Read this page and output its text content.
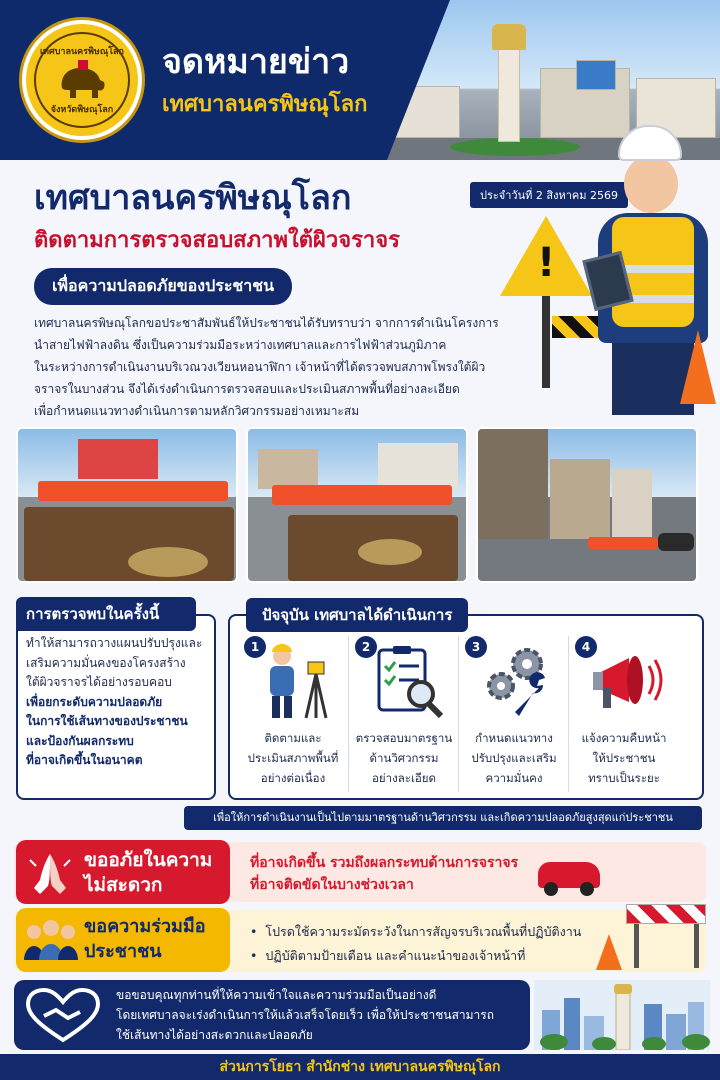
เทศบาลนครพิษณุโลก
จังหวัดพิษณุโลก
จดหมายข่าว
เทศบาลนครพิษณุโลก
เทศบาลนครพิษณุโลก	ประจำวันที่ 2 สิงหาคม 2569
ติดตามการตรวจสอบสภาพใต้ผิวจราจร
เพื่อความปลอดภัยของประชาชน
เทศบาลนครพิษณุโลกขอประชาสัมพันธ์ให้ประชาชนได้รับทราบว่า จากการดำเนินโครงการ
นำสายไฟฟ้าลงดิน ซึ่งเป็นความร่วมมือระหว่างเทศบาลและการไฟฟ้าส่วนภูมิภาค
ในระหว่างการดำเนินงานบริเวณวงเวียนหอนาฬิกา เจ้าหน้าที่ได้ตรวจพบสภาพโพรงใต้ผิว
จราจรในบางส่วน จึงได้เร่งดำเนินการตรวจสอบและประเมินสภาพพื้นที่อย่างละเอียด
เพื่อกำหนดแนวทางดำเนินการตามหลักวิศวกรรมอย่างเหมาะสม
!
การตรวจพบในครั้งนี้
ทำให้สามารถวางแผนปรับปรุงและ
เสริมความมั่นคงของโครงสร้าง
ใต้ผิวจราจรได้อย่างรอบคอบ
เพื่อยกระดับความปลอดภัย
ในการใช้เส้นทางของประชาชน
และป้องกันผลกระทบ
ที่อาจเกิดขึ้นในอนาคต
ปัจจุบัน เทศบาลได้ดำเนินการ
1
ติดตามและ
ประเมินสภาพพื้นที่
อย่างต่อเนื่อง
2
ตรวจสอบมาตรฐาน
ด้านวิศวกรรม
อย่างละเอียด
3
กำหนดแนวทาง
ปรับปรุงและเสริม
ความมั่นคง
4
แจ้งความคืบหน้า
ให้ประชาชน
ทราบเป็นระยะ
เพื่อให้การดำเนินงานเป็นไปตามมาตรฐานด้านวิศวกรรม และเกิดความปลอดภัยสูงสุดแก่ประชาชน
ขออภัยในความ
ไม่สะดวก
ที่อาจเกิดขึ้น รวมถึงผลกระทบด้านการจราจร
ที่อาจติดขัดในบางช่วงเวลา
ขอความร่วมมือ
ประชาชน
• โปรดใช้ความระมัดระวังในการสัญจรบริเวณพื้นที่ปฏิบัติงาน
• ปฏิบัติตามป้ายเตือน และคำแนะนำของเจ้าหน้าที่
ขอขอบคุณทุกท่านที่ให้ความเข้าใจและความร่วมมือเป็นอย่างดี
โดยเทศบาลจะเร่งดำเนินการให้แล้วเสร็จโดยเร็ว เพื่อให้ประชาชนสามารถ
ใช้เส้นทางได้อย่างสะดวกและปลอดภัย
ส่วนการโยธา สำนักช่าง เทศบาลนครพิษณุโลก
